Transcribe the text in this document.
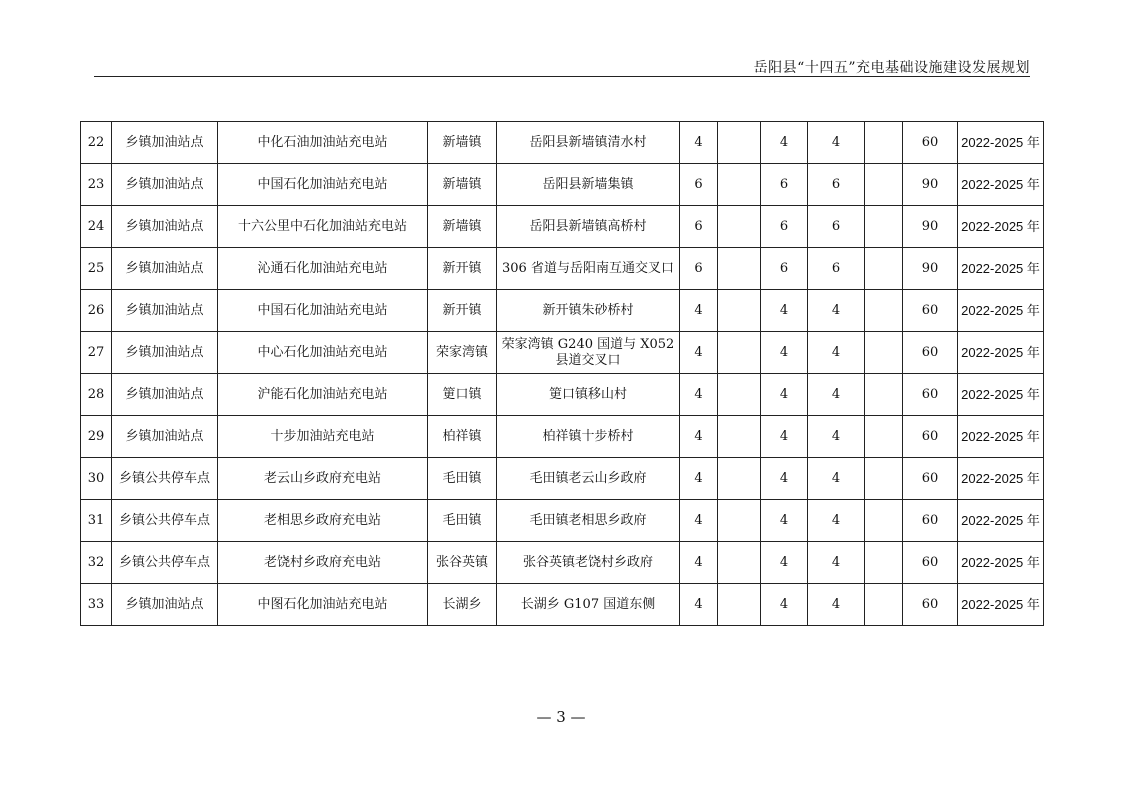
岳阳县“十四五”充电基础设施建设发展规划
22	乡镇加油站点	中化石油加油站充电站	新墙镇	岳阳县新墙镇清水村	4		4	4		60	2022-2025 年
23	乡镇加油站点	中国石化加油站充电站	新墙镇	岳阳县新墙集镇	6		6	6		90	2022-2025 年
24	乡镇加油站点	十六公里中石化加油站充电站	新墙镇	岳阳县新墙镇高桥村	6		6	6		90	2022-2025 年
25	乡镇加油站点	沁通石化加油站充电站	新开镇	306 省道与岳阳南互通交叉口	6		6	6		90	2022-2025 年
26	乡镇加油站点	中国石化加油站充电站	新开镇	新开镇朱砂桥村	4		4	4		60	2022-2025 年
27	乡镇加油站点	中心石化加油站充电站	荣家湾镇	荣家湾镇 G240 国道与 X052 县道交叉口	4		4	4		60	2022-2025 年
28	乡镇加油站点	沪能石化加油站充电站	筻口镇	筻口镇移山村	4		4	4		60	2022-2025 年
29	乡镇加油站点	十步加油站充电站	柏祥镇	柏祥镇十步桥村	4		4	4		60	2022-2025 年
30	乡镇公共停车点	老云山乡政府充电站	毛田镇	毛田镇老云山乡政府	4		4	4		60	2022-2025 年
31	乡镇公共停车点	老相思乡政府充电站	毛田镇	毛田镇老相思乡政府	4		4	4		60	2022-2025 年
32	乡镇公共停车点	老饶村乡政府充电站	张谷英镇	张谷英镇老饶村乡政府	4		4	4		60	2022-2025 年
33	乡镇加油站点	中图石化加油站充电站	长湖乡	长湖乡 G107 国道东侧	4		4	4		60	2022-2025 年
— 3 —
